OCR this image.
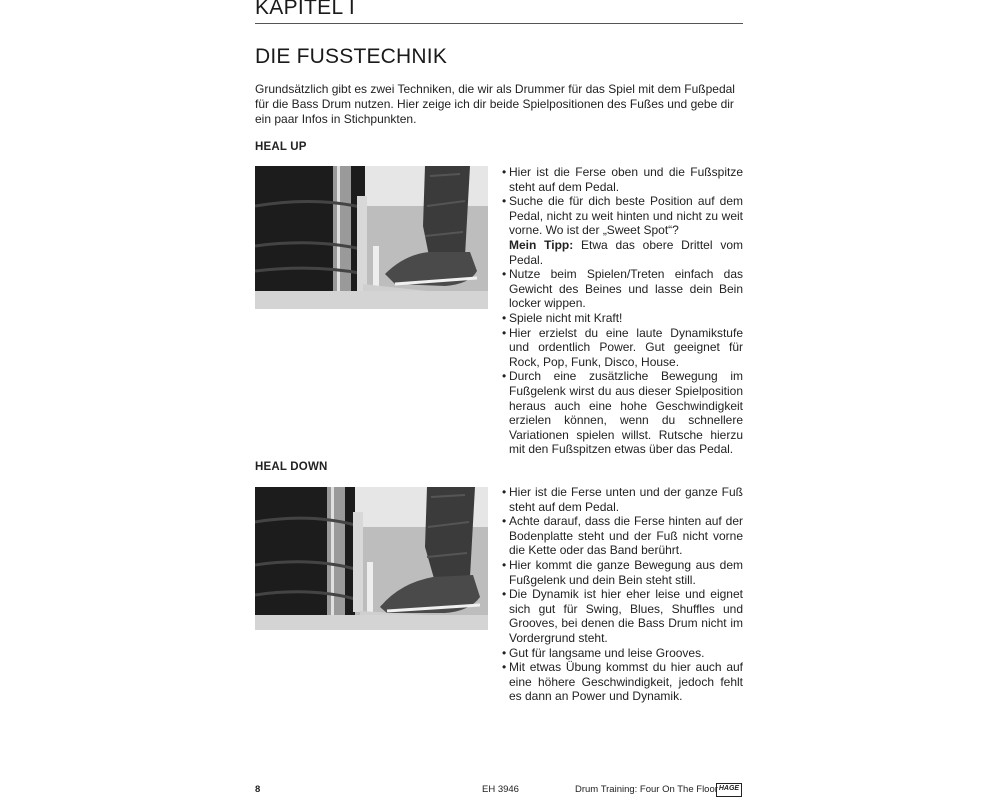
KAPITEL I
DIE FUSSTECHNIK

Grundsätzlich gibt es zwei Techniken, die wir als Drummer für das Spiel mit dem Fußpedal für die Bass Drum nutzen. Hier zeige ich dir beide Spielpositionen des Fußes und gebe dir ein paar Infos in Stichpunkten.

HEAL UP
• Hier ist die Ferse oben und die Fußspitze steht auf dem Pedal.
• Suche die für dich beste Position auf dem Pedal, nicht zu weit hinten und nicht zu weit vorne. Wo ist der „Sweet Spot“?
Mein Tipp: Etwa das obere Drittel vom Pedal.
• Nutze beim Spielen/Treten einfach das Gewicht des Beines und lasse dein Bein locker wippen.
• Spiele nicht mit Kraft!
• Hier erzielst du eine laute Dynamikstufe und ordentlich Power. Gut geeignet für Rock, Pop, Funk, Disco, House.
• Durch eine zusätzliche Bewegung im Fußgelenk wirst du aus dieser Spielposition heraus auch eine hohe Geschwindigkeit erzielen können, wenn du schnellere Variationen spielen willst. Rutsche hierzu mit den Fußspitzen etwas über das Pedal.
HEAL DOWN
• Hier ist die Ferse unten und der ganze Fuß steht auf dem Pedal.
• Achte darauf, dass die Ferse hinten auf der Bodenplatte steht und der Fuß nicht vorne die Kette oder das Band berührt.
• Hier kommt die ganze Bewegung aus dem Fußgelenk und dein Bein steht still.
• Die Dynamik ist hier eher leise und eignet sich gut für Swing, Blues, Shuffles und Grooves, bei denen die Bass Drum nicht im Vordergrund steht.
• Gut für langsame und leise Grooves.
• Mit etwas Übung kommst du hier auch auf eine höhere Geschwindigkeit, jedoch fehlt es dann an Power und Dynamik.
8	EH 3946	Drum Training: Four On The Floor HAGE
